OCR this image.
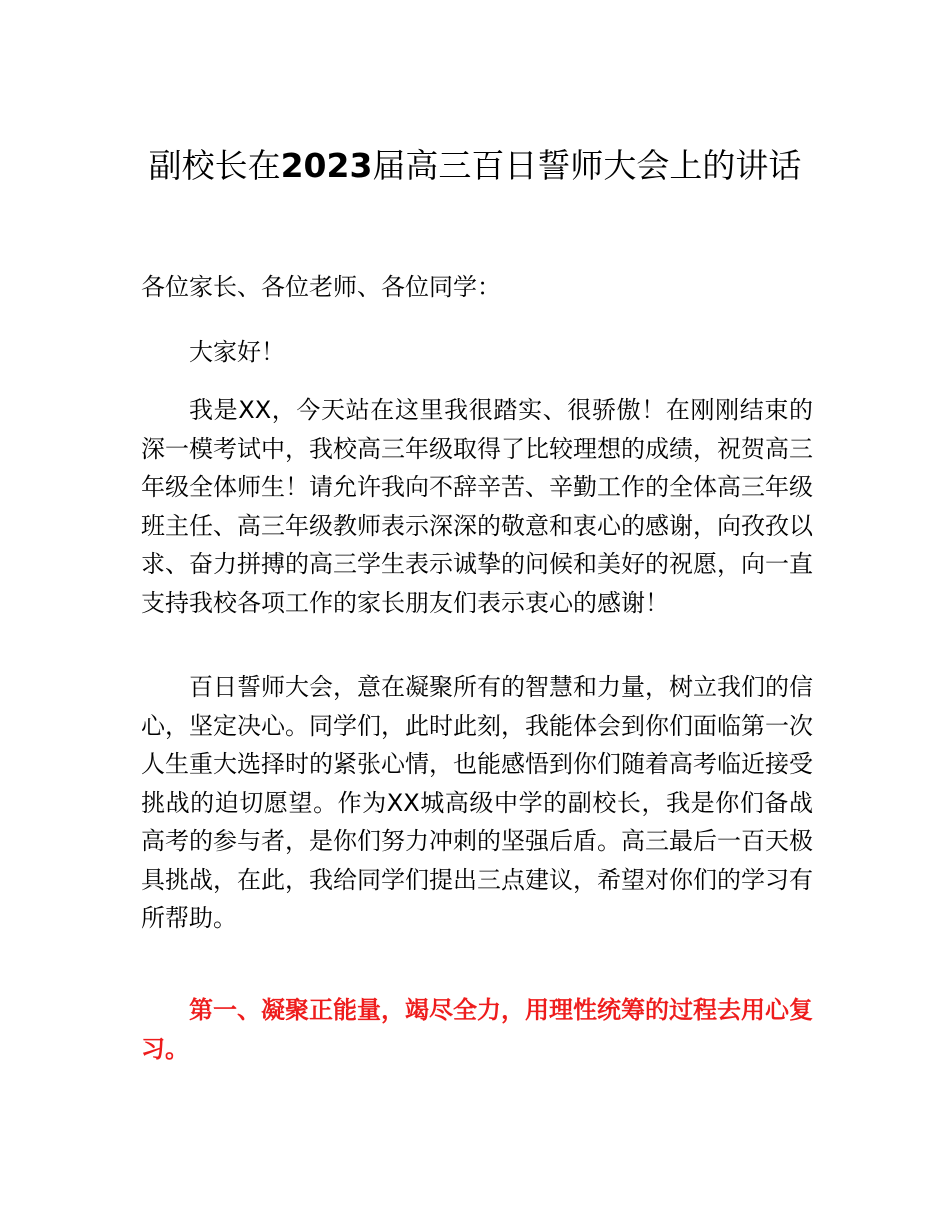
副校长在2023届高三百日誓师大会上的讲话

各位家长、各位老师、各位同学：

大家好！

我是XX，今天站在这里我很踏实、很骄傲！在刚刚结束的深一模考试中，我校高三年级取得了比较理想的成绩，祝贺高三年级全体师生！请允许我向不辞辛苦、辛勤工作的全体高三年级班主任、高三年级教师表示深深的敬意和衷心的感谢，向孜孜以求、奋力拼搏的高三学生表示诚挚的问候和美好的祝愿，向一直支持我校各项工作的家长朋友们表示衷心的感谢！

百日誓师大会，意在凝聚所有的智慧和力量，树立我们的信心，坚定决心。同学们，此时此刻，我能体会到你们面临第一次人生重大选择时的紧张心情，也能感悟到你们随着高考临近接受挑战的迫切愿望。作为XX城高级中学的副校长，我是你们备战高考的参与者，是你们努力冲刺的坚强后盾。高三最后一百天极具挑战，在此，我给同学们提出三点建议，希望对你们的学习有所帮助。

第一、凝聚正能量，竭尽全力，用理性统筹的过程去用心复习。
